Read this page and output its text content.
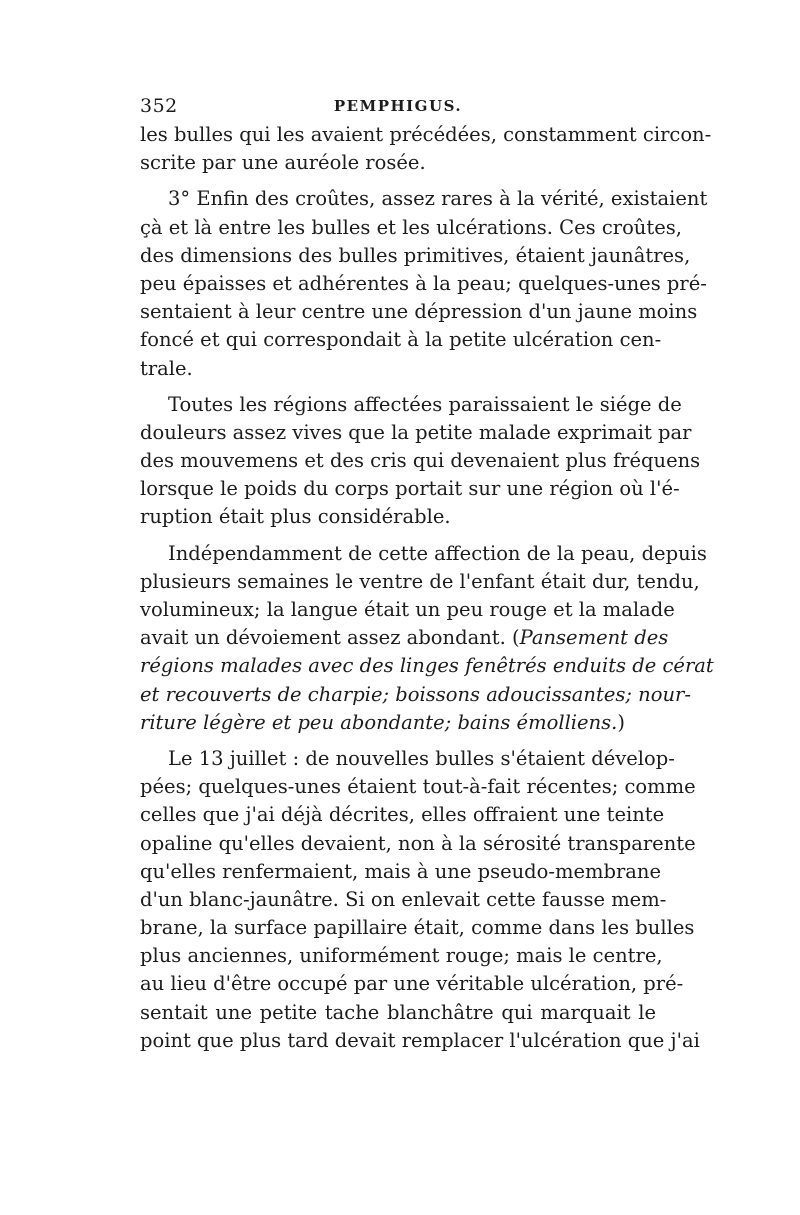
352	PEMPHIGUS.
les bulles qui les avaient précédées, constamment circon-
scrite par une auréole rosée.
3° Enfin des croûtes, assez rares à la vérité, existaient
çà et là entre les bulles et les ulcérations. Ces croûtes,
des dimensions des bulles primitives, étaient jaunâtres,
peu épaisses et adhérentes à la peau; quelques-unes pré-
sentaient à leur centre une dépression d'un jaune moins
foncé et qui correspondait à la petite ulcération cen-
trale.
Toutes les régions affectées paraissaient le siége de
douleurs assez vives que la petite malade exprimait par
des mouvemens et des cris qui devenaient plus fréquens
lorsque le poids du corps portait sur une région où l'é-
ruption était plus considérable.
Indépendamment de cette affection de la peau, depuis
plusieurs semaines le ventre de l'enfant était dur, tendu,
volumineux; la langue était un peu rouge et la malade
avait un dévoiement assez abondant. (Pansement des
régions malades avec des linges fenêtrés enduits de cérat
et recouverts de charpie; boissons adoucissantes; nour-
riture légère et peu abondante; bains émolliens.)
Le 13 juillet : de nouvelles bulles s'étaient dévelop-
pées; quelques-unes étaient tout-à-fait récentes; comme
celles que j'ai déjà décrites, elles offraient une teinte
opaline qu'elles devaient, non à la sérosité transparente
qu'elles renfermaient, mais à une pseudo-membrane
d'un blanc-jaunâtre. Si on enlevait cette fausse mem-
brane, la surface papillaire était, comme dans les bulles
plus anciennes, uniformément rouge; mais le centre,
au lieu d'être occupé par une véritable ulcération, pré-
sentait une petite tache blanchâtre qui marquait le
point que plus tard devait remplacer l'ulcération que j'ai
